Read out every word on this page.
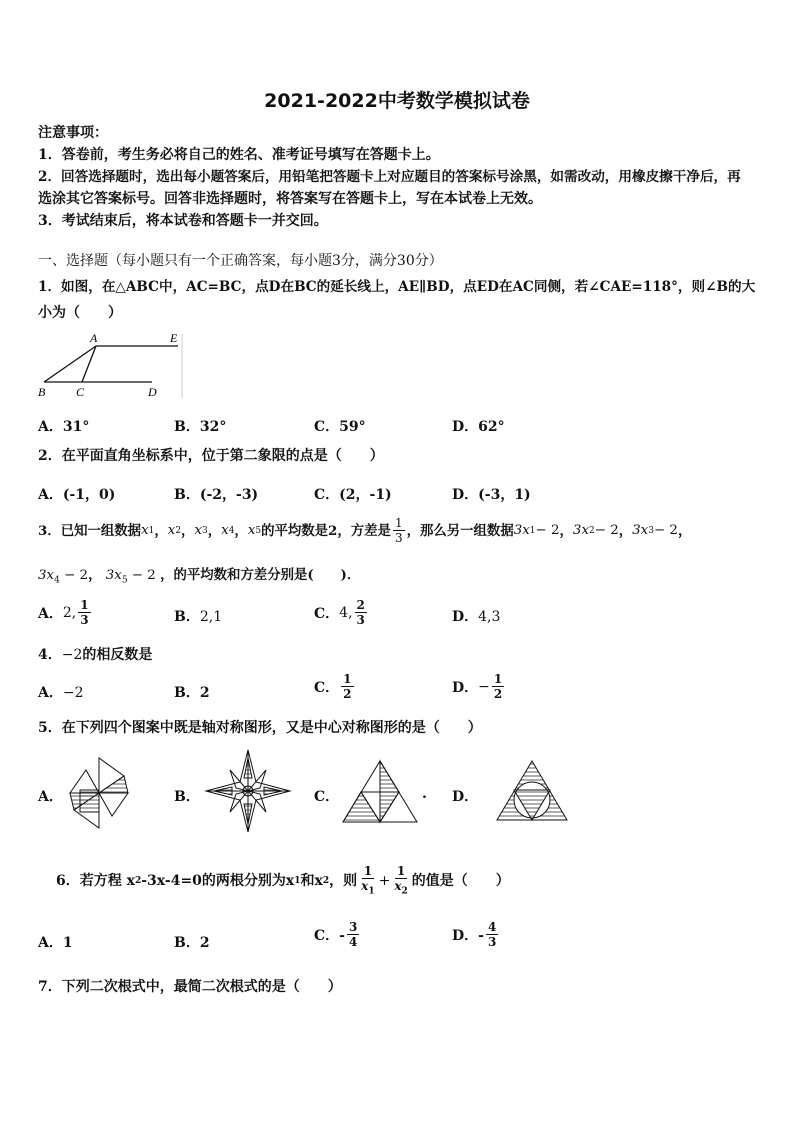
2021-2022中考数学模拟试卷
注意事项：
1．答卷前，考生务必将自己的姓名、准考证号填写在答题卡上。
2．回答选择题时，选出每小题答案后，用铅笔把答题卡上对应题目的答案标号涂黑，如需改动，用橡皮擦干净后，再
选涂其它答案标号。回答非选择题时，将答案写在答题卡上，写在本试卷上无效。
3．考试结束后，将本试卷和答题卡一并交回。
一、选择题（每小题只有一个正确答案，每小题3分，满分30分）
1．如图，在△ABC中，AC=BC，点D在BC的延长线上，AE∥BD，点ED在AC同侧，若∠CAE=118°，则∠B的大
小为（　　）
A	E
B	C	D
A．31°	B．32°	C．59°	D．62°
2．在平面直角坐标系中，位于第二象限的点是（　　）
A．(-1，0)	B．(-2，-3)	C．(2，-1)	D．(-3，1)
3．已知一组数据 x 1 ， x 2 ， x 3 ， x 4 ， x 5 的平均数是2，方差是 $\frac{1}{3}$ ，那么另一组数据 3x 1 − 2 ， 3x 2 − 2 ， 3x 3 − 2 ，
$3x_4 - 2$， $3x_5 - 2$ ，的平均数和方差分别是(　　)．
A． 2, $\frac{1}{3}$	B．2,1	C． 4, $\frac{2}{3}$	D．4,3
4．−2的相反数是
A．−2	B．2	C． $\frac{1}{2}$	D． − $\frac{1}{2}$
5．在下列四个图案中既是轴对称图形，又是中心对称图形的是（　　）
A．	B．	C．	. D．
6．若方程 x 2 -3x-4=0的两根分别为x 1 和x 2 ，则 $\frac{1}{x_1} + \frac{1}{x_2}$ 的值是（　　）
A．1	B．2	C．- $\frac{3}{4}$	D．- $\frac{4}{3}$
7．下列二次根式中，最简二次根式的是（　　）
